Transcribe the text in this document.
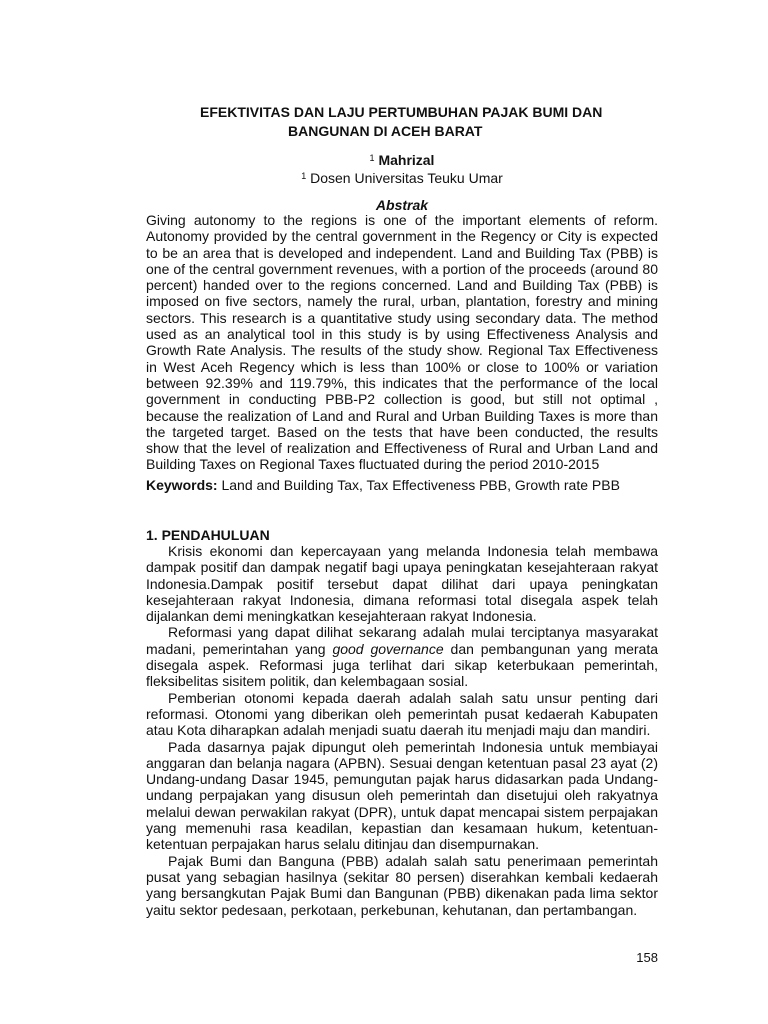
EFEKTIVITAS DAN LAJU PERTUMBUHAN PAJAK BUMI DAN
BANGUNAN DI ACEH BARAT
$^1$ Mahrizal
$^1$ Dosen Universitas Teuku Umar
Abstrak

Giving autonomy to the regions is one of the important elements of reform. Autonomy provided by the central government in the Regency or City is expected to be an area that is developed and independent. Land and Building Tax (PBB) is one of the central government revenues, with a portion of the proceeds (around 80 percent) handed over to the regions concerned. Land and Building Tax (PBB) is imposed on five sectors, namely the rural, urban, plantation, forestry and mining sectors. This research is a quantitative study using secondary data. The method used as an analytical tool in this study is by using Effectiveness Analysis and Growth Rate Analysis. The results of the study show. Regional Tax Effectiveness in West Aceh Regency which is less than 100% or close to 100% or variation between 92.39% and 119.79%, this indicates that the performance of the local government in conducting PBB-P2 collection is good, but still not optimal , because the realization of Land and Rural and Urban Building Taxes is more than the targeted target. Based on the tests that have been conducted, the results show that the level of realization and Effectiveness of Rural and Urban Land and Building Taxes on Regional Taxes fluctuated during the period 2010-2015

Keywords: Land and Building Tax, Tax Effectiveness PBB, Growth rate PBB

1. PENDAHULUAN

Krisis ekonomi dan kepercayaan yang melanda Indonesia telah membawa dampak positif dan dampak negatif bagi upaya peningkatan kesejahteraan rakyat Indonesia.Dampak positif tersebut dapat dilihat dari upaya peningkatan kesejahteraan rakyat Indonesia, dimana reformasi total disegala aspek telah dijalankan demi meningkatkan kesejahteraan rakyat Indonesia.

Reformasi yang dapat dilihat sekarang adalah mulai terciptanya masyarakat madani, pemerintahan yang good governance dan pembangunan yang merata disegala aspek. Reformasi juga terlihat dari sikap keterbukaan pemerintah, fleksibelitas sisitem politik, dan kelembagaan sosial.

Pemberian otonomi kepada daerah adalah salah satu unsur penting dari reformasi. Otonomi yang diberikan oleh pemerintah pusat kedaerah Kabupaten atau Kota diharapkan adalah menjadi suatu daerah itu menjadi maju dan mandiri.

Pada dasarnya pajak dipungut oleh pemerintah Indonesia untuk membiayai anggaran dan belanja nagara (APBN). Sesuai dengan ketentuan pasal 23 ayat (2) Undang-undang Dasar 1945, pemungutan pajak harus didasarkan pada Undang-undang perpajakan yang disusun oleh pemerintah dan disetujui oleh rakyatnya melalui dewan perwakilan rakyat (DPR), untuk dapat mencapai sistem perpajakan yang memenuhi rasa keadilan, kepastian dan kesamaan hukum, ketentuan-ketentuan perpajakan harus selalu ditinjau dan disempurnakan.

Pajak Bumi dan Banguna (PBB) adalah salah satu penerimaan pemerintah pusat yang sebagian hasilnya (sekitar 80 persen) diserahkan kembali kedaerah yang bersangkutan Pajak Bumi dan Bangunan (PBB) dikenakan pada lima sektor yaitu sektor pedesaan, perkotaan, perkebunan, kehutanan, dan pertambangan.

158
